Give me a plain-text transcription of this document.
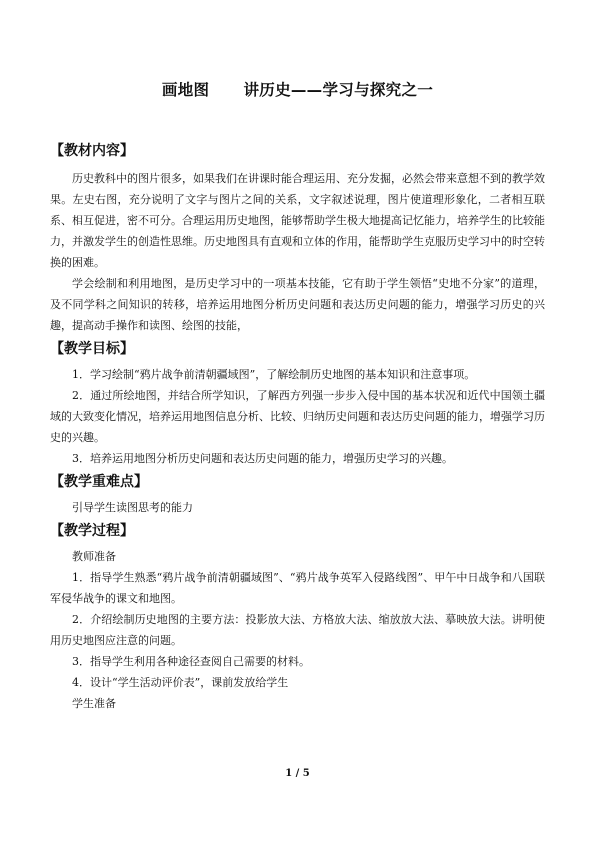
画地图      讲历史——学习与探究之一
【教材内容】

历史教科中的图片很多，如果我们在讲课时能合理运用、充分发掘，必然会带来意想不到的教学效果。左史右图，充分说明了文字与图片之间的关系，文字叙述说理，图片使道理形象化，二者相互联系、相互促进，密不可分。合理运用历史地图，能够帮助学生极大地提高记忆能力，培养学生的比较能力，并激发学生的创造性思维。历史地图具有直观和立体的作用，能帮助学生克服历史学习中的时空转换的困难。

学会绘制和利用地图，是历史学习中的一项基本技能，它有助于学生领悟“史地不分家”的道理，及不同学科之间知识的转移，培养运用地图分析历史问题和表达历史问题的能力，增强学习历史的兴趣，提高动手操作和读图、绘图的技能，

【教学目标】

1．学习绘制“鸦片战争前清朝疆域图”，了解绘制历史地图的基本知识和注意事项。

2．通过所绘地图，并结合所学知识，了解西方列强一步步入侵中国的基本状况和近代中国领土疆域的大致变化情况，培养运用地图信息分析、比较、归纳历史问题和表达历史问题的能力，增强学习历史的兴趣。

3．培养运用地图分析历史问题和表达历史问题的能力，增强历史学习的兴趣。

【教学重难点】

引导学生读图思考的能力

【教学过程】

教师准备

1．指导学生熟悉“鸦片战争前清朝疆域图”、“鸦片战争英军入侵路线图”、甲午中日战争和八国联军侵华战争的课文和地图。

2．介绍绘制历史地图的主要方法：投影放大法、方格放大法、缩放放大法、摹映放大法。讲明使用历史地图应注意的问题。

3．指导学生利用各种途径查阅自己需要的材料。

4．设计“学生活动评价表”，课前发放给学生

学生准备

1 / 5
